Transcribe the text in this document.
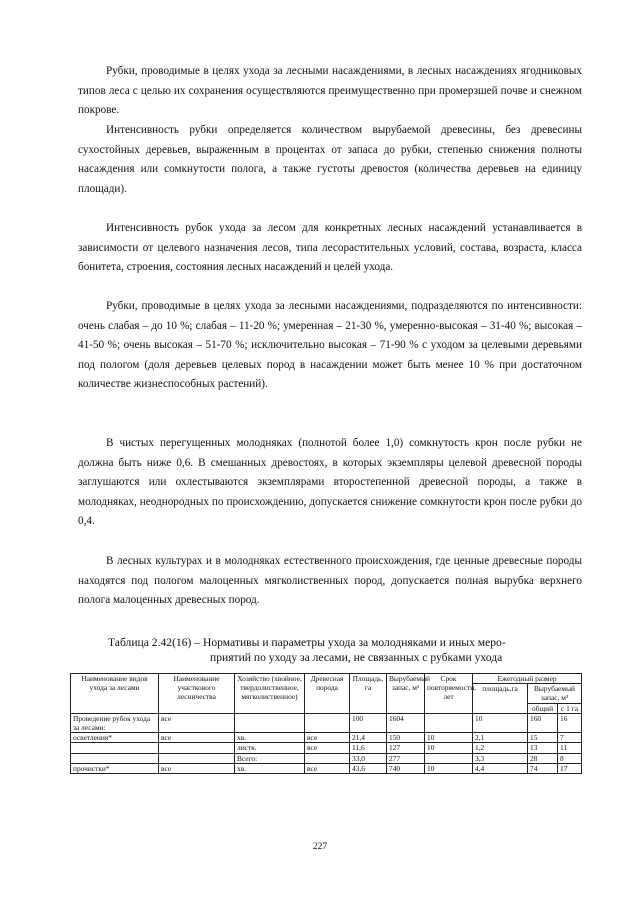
Рубки, проводимые в целях ухода за лесными насаждениями, в лесных насаждениях ягодниковых типов леса с целью их сохранения осуществляются преимущественно при промерзшей почве и снежном покрове.

Интенсивность рубки определяется количеством вырубаемой древесины, без древесины сухостойных деревьев, выраженным в процентах от запаса до рубки, степенью снижения полноты насаждения или сомкнутости полога, а также густоты древостоя (количества деревьев на единицу площади).

Интенсивность рубок ухода за лесом для конкретных лесных насаждений устанавливается в зависимости от целевого назначения лесов, типа лесорастительных условий, состава, возраста, класса бонитета, строения, состояния лесных насаждений и целей ухода.

Рубки, проводимые в целях ухода за лесными насаждениями, подразделяются по интенсивности: очень слабая – до 10 %; слабая – 11-20 %; умеренная – 21-30 %, умеренно-высокая – 31-40 %; высокая – 41-50 %; очень высокая – 51-70 %; исключительно высокая – 71-90 % с уходом за целевыми деревьями под пологом (доля деревьев целевых пород в насаждении может быть менее 10 % при достаточном количестве жизнеспособных растений).

В чистых перегущенных молодняках (полнотой более 1,0) сомкнутость крон после рубки не должна быть ниже 0,6. В смешанных древостоях, в которых экземпляры целевой древесной породы заглушаются или охлестываются экземплярами второстепенной древесной породы, а также в молодняках, неоднородных по происхождению, допускается снижение сомкнутости крон после рубки до 0,4.

В лесных культурах и в молодняках естественного происхождения, где ценные древесные породы находятся под пологом малоценных мягколиственных пород, допускается полная вырубка верхнего полога малоценных древесных пород.

Таблица 2.42(16) – Нормативы и параметры ухода за молодняками и иных меро-
приятий по уходу за лесами, не связанных с рубками ухода

Наименование видов ухода за лесами	Наименование участкового лесничества	Хозяйство (хвойное, твердолиственное, мягколиственное)	Древесная порода	Площадь, га	Вырубаемый запас, м³	Срок повторяемости, лет	Ежегодный размер		
							площадь,га	Вырубаемый запас, м³	
								общий	с 1 га
Проведение рубок ухода за лесами:	все			100	1604		10	160	16
осветления*	все	хв.	все	21,4	150	10	2,1	15	7
		листв.	все	11,6	127	10	1,2	13	11
		Всего:		33,0	277		3,3	28	8
прочистки*	все	хв.	все	43,6	740	10	4,4	74	17
227
